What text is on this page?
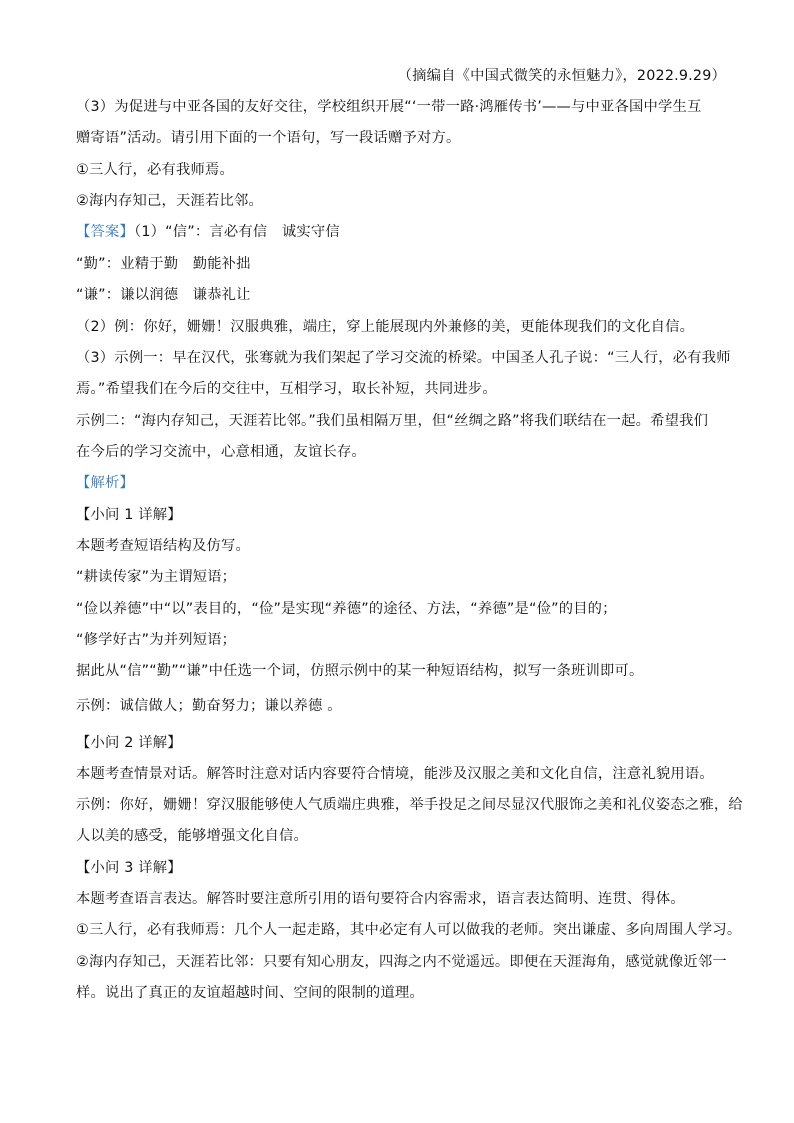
（摘编自《中国式微笑的永恒魅力》，2022.9.29）
（3）为促进与中亚各国的友好交往，学校组织开展“‘一带一路·鸿雁传书’——与中亚各国中学生互
赠寄语”活动。请引用下面的一个语句，写一段话赠予对方。
①三人行，必有我师焉。
②海内存知己，天涯若比邻。
【答案】（1）“信”：言必有信　诚实守信
“勤”：业精于勤　勤能补拙
“谦”：谦以润德　谦恭礼让
（2）例：你好，姗姗！汉服典雅，端庄，穿上能展现内外兼修的美，更能体现我们的文化自信。
（3）示例一：早在汉代，张骞就为我们架起了学习交流的桥梁。中国圣人孔子说：“三人行，必有我师
焉。”希望我们在今后的交往中，互相学习，取长补短，共同进步。
示例二：“海内存知己，天涯若比邻。”我们虽相隔万里，但“丝绸之路”将我们联结在一起。希望我们
在今后的学习交流中，心意相通，友谊长存。
【解析】
【小问 1 详解】
本题考查短语结构及仿写。
“耕读传家”为主谓短语；
“俭以养德”中“以”表目的，“俭”是实现“养德”的途径、方法，“养德”是“俭”的目的；
“修学好古”为并列短语；
据此从“信”“勤”“谦”中任选一个词，仿照示例中的某一种短语结构，拟写一条班训即可。
示例：诚信做人；勤奋努力；谦以养德 。
【小问 2 详解】
本题考查情景对话。解答时注意对话内容要符合情境，能涉及汉服之美和文化自信，注意礼貌用语。
示例：你好，姗姗！穿汉服能够使人气质端庄典雅，举手投足之间尽显汉代服饰之美和礼仪姿态之雅，给
人以美的感受，能够增强文化自信。
【小问 3 详解】
本题考查语言表达。解答时要注意所引用的语句要符合内容需求，语言表达简明、连贯、得体。
①三人行，必有我师焉：几个人一起走路，其中必定有人可以做我的老师。突出谦虚、多向周围人学习。
②海内存知己，天涯若比邻：只要有知心朋友，四海之内不觉遥远。即便在天涯海角，感觉就像近邻一
样。说出了真正的友谊超越时间、空间的限制的道理。
